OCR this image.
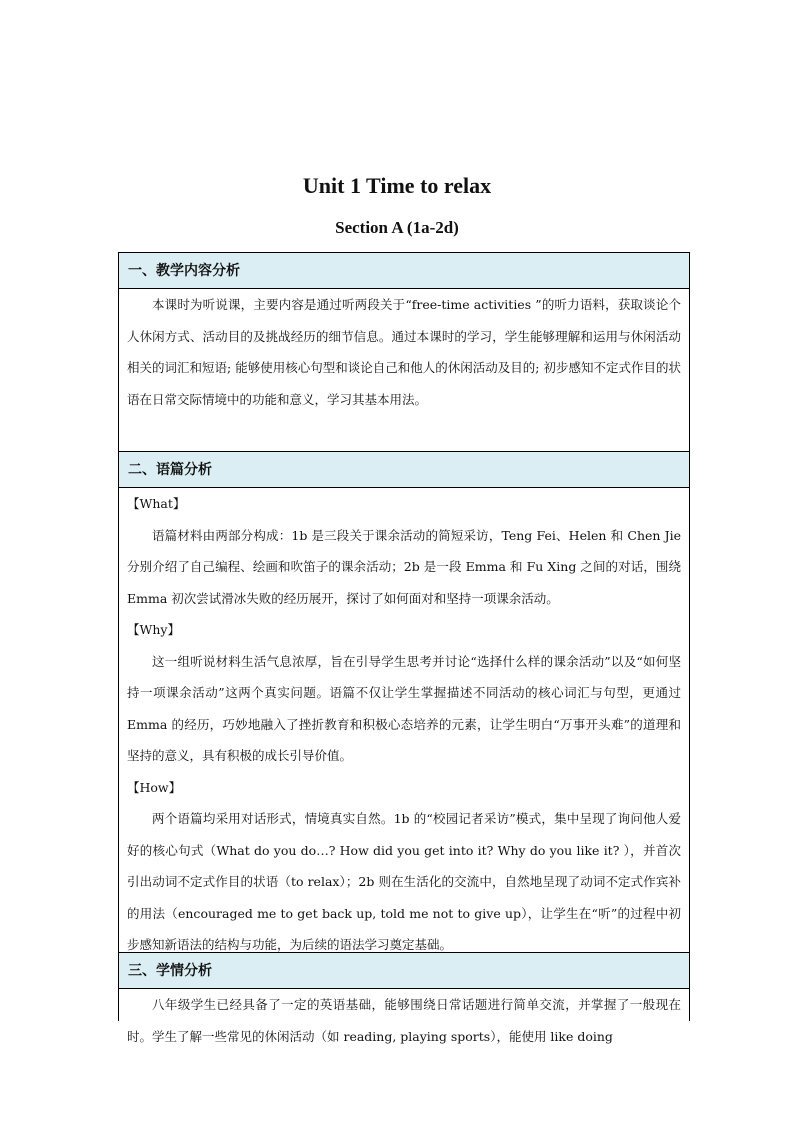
Unit 1 Time to relax
Section A (1a-2d)
一、教学内容分析

本课时为听说课，主要内容是通过听两段关于“free-time activities ”的听力语料，获取谈论个人休闲方式、活动目的及挑战经历的细节信息。通过本课时的学习，学生能够理解和运用与休闲活动相关的词汇和短语; 能够使用核心句型和谈论自己和他人的休闲活动及目的; 初步感知不定式作目的状语在日常交际情境中的功能和意义，学习其基本用法。

二、语篇分析

【What】

语篇材料由两部分构成：1b 是三段关于课余活动的简短采访，Teng Fei、Helen 和 Chen Jie 分别介绍了自己编程、绘画和吹笛子的课余活动；2b 是一段 Emma 和 Fu Xing 之间的对话，围绕 Emma 初次尝试滑冰失败的经历展开，探讨了如何面对和坚持一项课余活动。

【Why】

这一组听说材料生活气息浓厚，旨在引导学生思考并讨论“选择什么样的课余活动”以及“如何坚持一项课余活动”这两个真实问题。语篇不仅让学生掌握描述不同活动的核心词汇与句型，更通过 Emma 的经历，巧妙地融入了挫折教育和积极心态培养的元素，让学生明白“万事开头难”的道理和坚持的意义，具有积极的成长引导价值。

【How】

两个语篇均采用对话形式，情境真实自然。1b 的“校园记者采访”模式，集中呈现了询问他人爱好的核心句式（What do you do…? How did you get into it? Why do you like it? ），并首次引出动词不定式作目的状语（to relax）；2b 则在生活化的交流中，自然地呈现了动词不定式作宾补的用法（encouraged me to get back up, told me not to give up），让学生在“听”的过程中初步感知新语法的结构与功能，为后续的语法学习奠定基础。

三、学情分析

八年级学生已经具备了一定的英语基础，能够围绕日常话题进行简单交流，并掌握了一般现在时。学生了解一些常见的休闲活动（如 reading, playing sports），能使用 like doing
